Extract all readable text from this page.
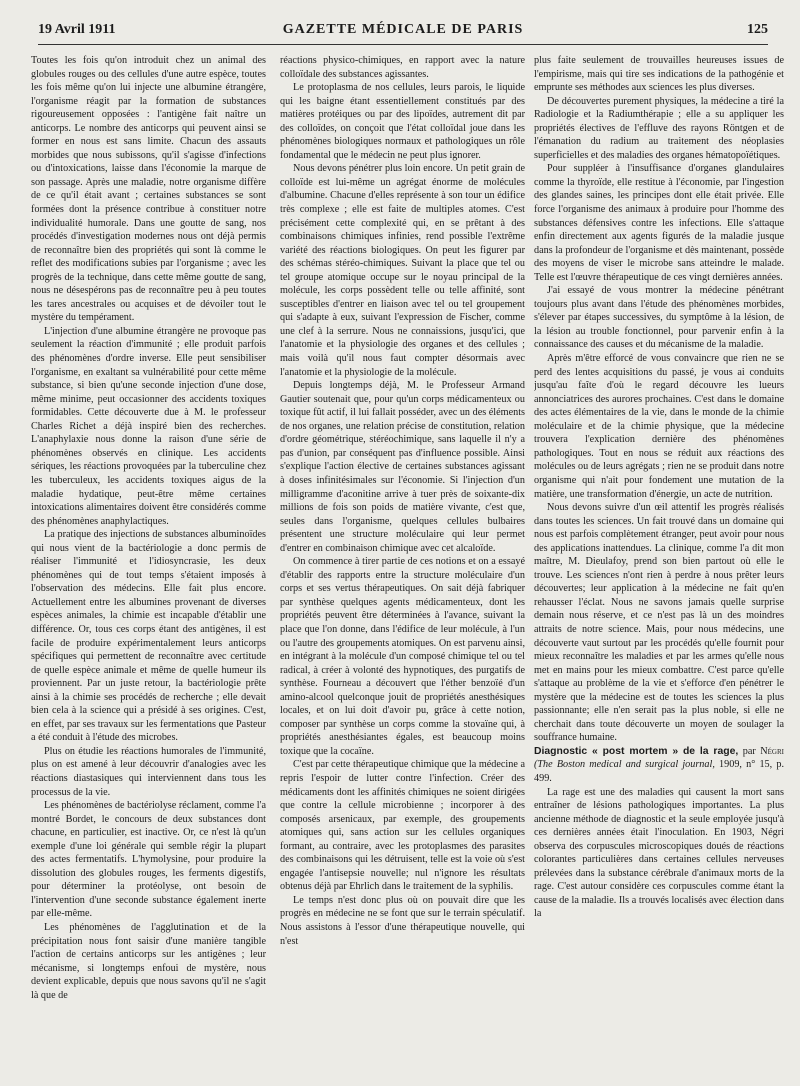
19 Avril 1911	GAZETTE MÉDICALE DE PARIS	125

Toutes les fois qu'on introduit chez un animal des globules rouges ou des cellules d'une autre espèce, toutes les fois même qu'on lui injecte une albumine étrangère, l'organisme réagit par la formation de substances rigoureusement opposées : l'antigène fait naître un anticorps. Le nombre des anticorps qui peuvent ainsi se former en nous est sans limite. Chacun des assauts morbides que nous subissons, qu'il s'agisse d'infections ou d'intoxications, laisse dans l'économie la marque de son passage. Après une maladie, notre organisme diffère de ce qu'il était avant ; certaines substances se sont formées dont la présence contribue à constituer notre individualité humorale. Dans une goutte de sang, nos procédés d'investigation modernes nous ont déjà permis de reconnaître bien des propriétés qui sont là comme le reflet des modifications subies par l'organisme ; avec les progrès de la technique, dans cette même goutte de sang, nous ne désespérons pas de reconnaître peu à peu toutes les tares ancestrales ou acquises et de dévoiler tout le mystère du tempérament.

L'injection d'une albumine étrangère ne provoque pas seulement la réaction d'immunité ; elle produit parfois des phénomènes d'ordre inverse. Elle peut sensibiliser l'organisme, en exaltant sa vulnérabilité pour cette même substance, si bien qu'une seconde injection d'une dose, même minime, peut occasionner des accidents toxiques formidables. Cette découverte due à M. le professeur Charles Richet a déjà inspiré bien des recherches. L'anaphylaxie nous donne la raison d'une série de phénomènes observés en clinique. Les accidents sériques, les réactions provoquées par la tuberculine chez les tuberculeux, les accidents toxiques aigus de la maladie hydatique, peut-être même certaines intoxications alimentaires doivent être considérés comme des phénomènes anaphylactiques.

La pratique des injections de substances albuminoïdes qui nous vient de la bactériologie a donc permis de réaliser l'immunité et l'idiosyncrasie, les deux phénomènes qui de tout temps s'étaient imposés à l'observation des médecins. Elle fait plus encore. Actuellement entre les albumines provenant de diverses espèces animales, la chimie est incapable d'établir une différence. Or, tous ces corps étant des antigènes, il est facile de produire expérimentalement leurs anticorps spécifiques qui permettent de reconnaître avec certitude de quelle espèce animale et même de quelle humeur ils proviennent. Par un juste retour, la bactériologie prête ainsi à la chimie ses procédés de recherche ; elle devait bien cela à la science qui a présidé à ses origines. C'est, en effet, par ses travaux sur les fermentations que Pasteur a été conduit à l'étude des microbes.

Plus on étudie les réactions humorales de l'immunité, plus on est amené à leur découvrir d'analogies avec les réactions diastasiques qui interviennent dans tous les processus de la vie.

Les phénomènes de bactériolyse réclament, comme l'a montré Bordet, le concours de deux substances dont chacune, en particulier, est inactive. Or, ce n'est là qu'un exemple d'une loi générale qui semble régir la plupart des actes fermentatifs. L'hymolysine, pour produire la dissolution des globules rouges, les ferments digestifs, pour déterminer la protéolyse, ont besoin de l'intervention d'une seconde substance également inerte par elle-même.

Les phénomènes de l'agglutination et de la précipitation nous font saisir d'une manière tangible l'action de certains anticorps sur les antigènes ; leur mécanisme, si longtemps enfoui de mystère, nous devient explicable, depuis que nous savons qu'il ne s'agit là que de

réactions physico-chimiques, en rapport avec la nature colloïdale des substances agissantes.

Le protoplasma de nos cellules, leurs parois, le liquide qui les baigne étant essentiellement constitués par des matières protéiques ou par des lipoïdes, autrement dit par des colloïdes, on conçoit que l'état colloïdal joue dans les phénomènes biologiques normaux et pathologiques un rôle fondamental que le médecin ne peut plus ignorer.

Nous devons pénétrer plus loin encore. Un petit grain de colloïde est lui-même un agrégat énorme de molécules d'albumine. Chacune d'elles représente à son tour un édifice très complexe ; elle est faite de multiples atomes. C'est précisément cette complexité qui, en se prêtant à des combinaisons chimiques infinies, rend possible l'extrême variété des réactions biologiques. On peut les figurer par des schémas stéréo-chimiques. Suivant la place que tel ou tel groupe atomique occupe sur le noyau principal de la molécule, les corps possèdent telle ou telle affinité, sont susceptibles d'entrer en liaison avec tel ou tel groupement qui s'adapte à eux, suivant l'expression de Fischer, comme une clef à la serrure. Nous ne connaissions, jusqu'ici, que l'anatomie et la physiologie des organes et des cellules ; mais voilà qu'il nous faut compter désormais avec l'anatomie et la physiologie de la molécule.

Depuis longtemps déjà, M. le Professeur Armand Gautier soutenait que, pour qu'un corps médicamenteux ou toxique fût actif, il lui fallait posséder, avec un des éléments de nos organes, une relation précise de constitution, relation d'ordre géométrique, stéréochimique, sans laquelle il n'y a pas d'union, par conséquent pas d'influence possible. Ainsi s'explique l'action élective de certaines substances agissant à doses infinitésimales sur l'économie. Si l'injection d'un milligramme d'aconitine arrive à tuer près de soixante-dix millions de fois son poids de matière vivante, c'est que, seules dans l'organisme, quelques cellules bulbaires présentent une structure moléculaire qui leur permet d'entrer en combinaison chimique avec cet alcaloïde.

On commence à tirer partie de ces notions et on a essayé d'établir des rapports entre la structure moléculaire d'un corps et ses vertus thérapeutiques. On sait déjà fabriquer par synthèse quelques agents médicamenteux, dont les propriétés peuvent être déterminées à l'avance, suivant la place que l'on donne, dans l'édifice de leur molécule, à l'un ou l'autre des groupements atomiques. On est parvenu ainsi, en intégrant à la molécule d'un composé chimique tel ou tel radical, à créer à volonté des hypnotiques, des purgatifs de synthèse. Fourneau a découvert que l'éther benzoïé d'un amino-alcool quelconque jouit de propriétés anesthésiques locales, et on lui doit d'avoir pu, grâce à cette notion, composer par synthèse un corps comme la stovaïne qui, à propriétés anesthésiantes égales, est beaucoup moins toxique que la cocaïne.

C'est par cette thérapeutique chimique que la médecine a repris l'espoir de lutter contre l'infection. Créer des médicaments dont les affinités chimiques ne soient dirigées que contre la cellule microbienne ; incorporer à des composés arsenicaux, par exemple, des groupements atomiques qui, sans action sur les cellules organiques formant, au contraire, avec les protoplasmes des parasites des combinaisons qui les détruisent, telle est la voie où s'est engagée l'antisepsie nouvelle; nul n'ignore les résultats obtenus déjà par Ehrlich dans le traitement de la syphilis.

Le temps n'est donc plus où on pouvait dire que les progrès en médecine ne se font que sur le terrain spéculatif. Nous assistons à l'essor d'une thérapeutique nouvelle, qui n'est

plus faite seulement de trouvailles heureuses issues de l'empirisme, mais qui tire ses indications de la pathogénie et emprunte ses méthodes aux sciences les plus diverses.

De découvertes purement physiques, la médecine a tiré la Radiologie et la Radiumthérapie ; elle a su appliquer les propriétés électives de l'effluve des rayons Röntgen et de l'émanation du radium au traitement des néoplasies superficielles et des maladies des organes hématopoïétiques.

Pour suppléer à l'insuffisance d'organes glandulaires comme la thyroïde, elle restitue à l'économie, par l'ingestion des glandes saines, les principes dont elle était privée. Elle force l'organisme des animaux à produire pour l'homme des substances défensives contre les infections. Elle s'attaque enfin directement aux agents figurés de la maladie jusque dans la profondeur de l'organisme et dès maintenant, possède des moyens de viser le microbe sans atteindre le malade. Telle est l'œuvre thérapeutique de ces vingt dernières années.

J'ai essayé de vous montrer la médecine pénétrant toujours plus avant dans l'étude des phénomènes morbides, s'élever par étapes successives, du symptôme à la lésion, de la lésion au trouble fonctionnel, pour parvenir enfin à la connaissance des causes et du mécanisme de la maladie.

Après m'être efforcé de vous convaincre que rien ne se perd des lentes acquisitions du passé, je vous ai conduits jusqu'au faîte d'où le regard découvre les lueurs annonciatrices des aurores prochaines. C'est dans le domaine des actes élémentaires de la vie, dans le monde de la chimie moléculaire et de la chimie physique, que la médecine trouvera l'explication dernière des phénomènes pathologiques. Tout en nous se réduit aux réactions des molécules ou de leurs agrégats ; rien ne se produit dans notre organisme qui n'ait pour fondement une mutation de la matière, une transformation d'énergie, un acte de nutrition.

Nous devons suivre d'un œil attentif les progrès réalisés dans toutes les sciences. Un fait trouvé dans un domaine qui nous est parfois complètement étranger, peut avoir pour nous des applications inattendues. La clinique, comme l'a dit mon maître, M. Dieulafoy, prend son bien partout où elle le trouve. Les sciences n'ont rien à perdre à nous prêter leurs découvertes; leur application à la médecine ne fait qu'en rehausser l'éclat. Nous ne savons jamais quelle surprise demain nous réserve, et ce n'est pas là un des moindres attraits de notre science. Mais, pour nous médecins, une découverte vaut surtout par les procédés qu'elle fournit pour mieux reconnaître les maladies et par les armes qu'elle nous met en mains pour les mieux combattre. C'est parce qu'elle s'attaque au problème de la vie et s'efforce d'en pénétrer le mystère que la médecine est de toutes les sciences la plus passionnante; elle n'en serait pas la plus noble, si elle ne cherchait dans toute découverte un moyen de soulager la souffrance humaine.

Diagnostic « post mortem » de la rage, par Négri (The Boston medical and surgical journal, 1909, n° 15, p. 499.

La rage est une des maladies qui causent la mort sans entraîner de lésions pathologiques importantes. La plus ancienne méthode de diagnostic et la seule employée jusqu'à ces dernières années était l'inoculation. En 1903, Négri observa des corpuscules microscopiques doués de réactions colorantes particulières dans certaines cellules nerveuses prélevées dans la substance cérébrale d'animaux morts de la rage. C'est autour considère ces corpuscules comme étant la cause de la maladie. Ils a trouvés localisés avec élection dans la
